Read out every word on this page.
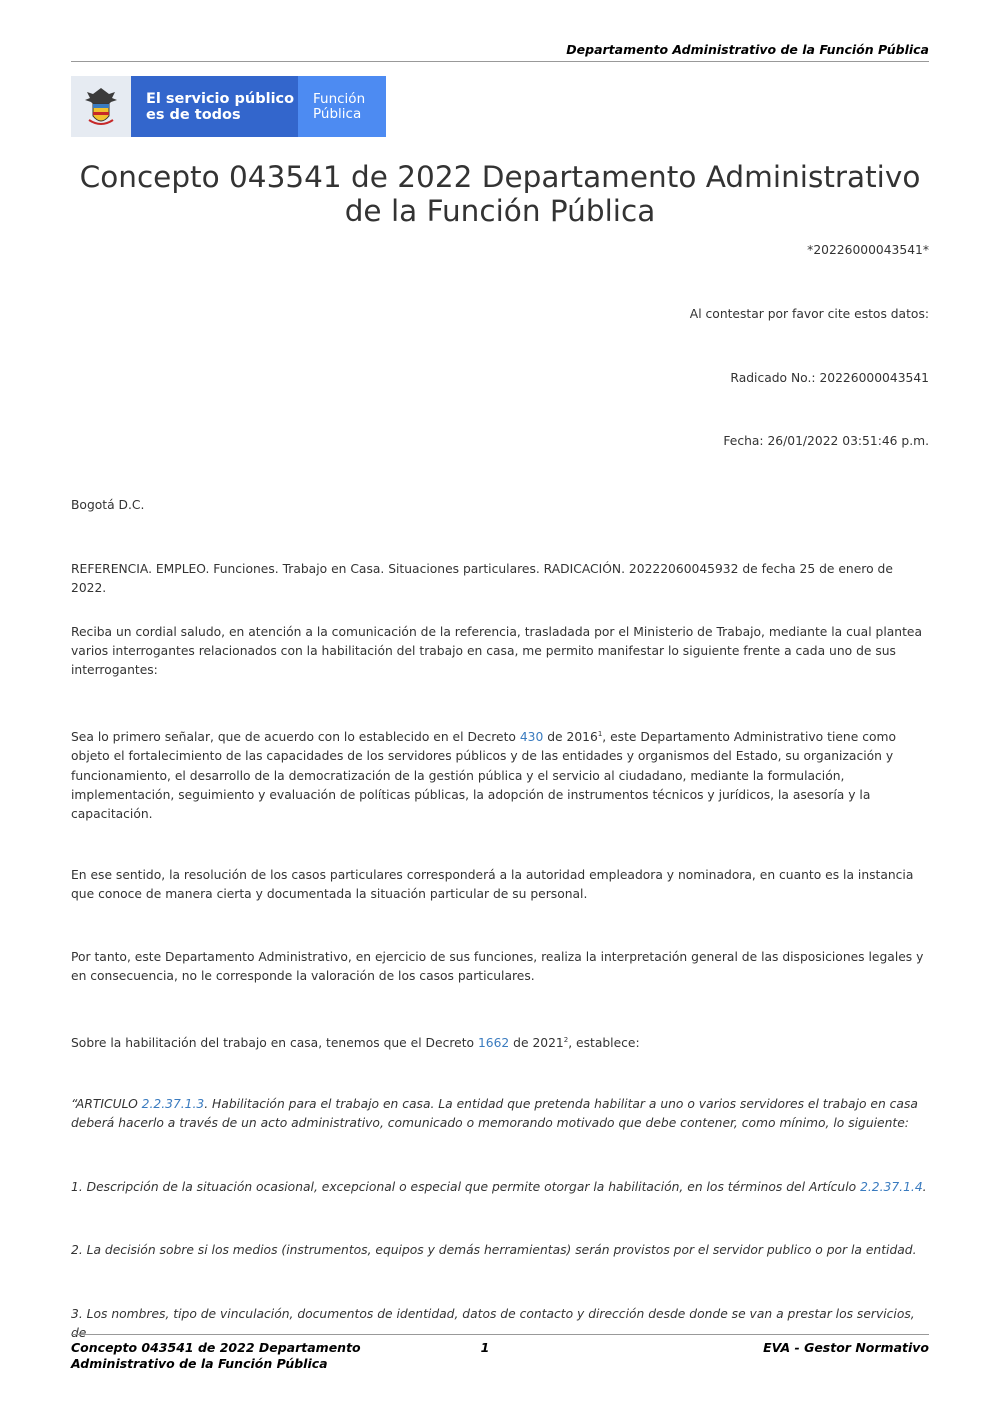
Departamento Administrativo de la Función Pública
El servicio público
es de todos
Función
Pública
Concepto 043541 de 2022 Departamento Administrativo de la Función Pública
*20226000043541*
Al contestar por favor cite estos datos:
Radicado No.: 20226000043541
Fecha: 26/01/2022 03:51:46 p.m.
Bogotá D.C.
REFERENCIA. EMPLEO. Funciones. Trabajo en Casa. Situaciones particulares. RADICACIÓN. 20222060045932 de fecha 25 de enero de 2022.
Reciba un cordial saludo, en atención a la comunicación de la referencia, trasladada por el Ministerio de Trabajo, mediante la cual plantea varios interrogantes relacionados con la habilitación del trabajo en casa, me permito manifestar lo siguiente frente a cada uno de sus interrogantes:
Sea lo primero señalar, que de acuerdo con lo establecido en el Decreto 430 de 2016$^1$, este Departamento Administrativo tiene como objeto el fortalecimiento de las capacidades de los servidores públicos y de las entidades y organismos del Estado, su organización y funcionamiento, el desarrollo de la democratización de la gestión pública y el servicio al ciudadano, mediante la formulación, implementación, seguimiento y evaluación de políticas públicas, la adopción de instrumentos técnicos y jurídicos, la asesoría y la capacitación.
En ese sentido, la resolución de los casos particulares corresponderá a la autoridad empleadora y nominadora, en cuanto es la instancia que conoce de manera cierta y documentada la situación particular de su personal.
Por tanto, este Departamento Administrativo, en ejercicio de sus funciones, realiza la interpretación general de las disposiciones legales y en consecuencia, no le corresponde la valoración de los casos particulares.
Sobre la habilitación del trabajo en casa, tenemos que el Decreto 1662 de 2021$^2$, establece:
“ARTICULO 2.2.37.1.3. Habilitación para el trabajo en casa. La entidad que pretenda habilitar a uno o varios servidores el trabajo en casa deberá hacerlo a través de un acto administrativo, comunicado o memorando motivado que debe contener, como mínimo, lo siguiente:
1. Descripción de la situación ocasional, excepcional o especial que permite otorgar la habilitación, en los términos del Artículo 2.2.37.1.4.
2. La decisión sobre si los medios (instrumentos, equipos y demás herramientas) serán provistos por el servidor publico o por la entidad.
3. Los nombres, tipo de vinculación, documentos de identidad, datos de contacto y dirección desde donde se van a prestar los servicios, de
Concepto 043541 de 2022 Departamento Administrativo de la Función Pública
1	EVA - Gestor Normativo
